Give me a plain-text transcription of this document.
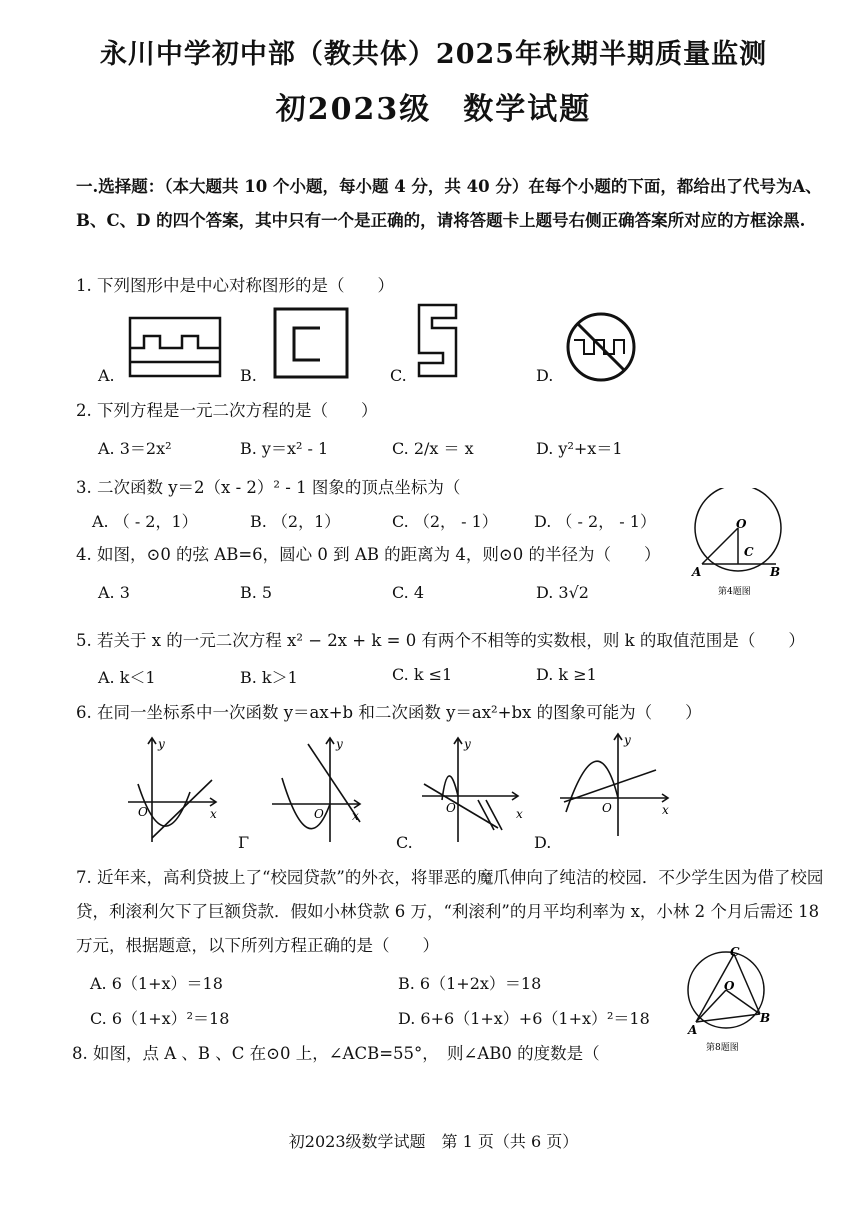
永川中学初中部（教共体）2025年秋期半期质量监测
初2023级　数学试题
一.选择题：（本大题共 10 个小题，每小题 4 分，共 40 分）在每个小题的下面，都给出了代号为A、B、C、D 的四个答案，其中只有一个是正确的，请将答题卡上题号右侧正确答案所对应的方框涂黑.
1. 下列图形中是中心对称图形的是（　　）
A.	B.	C.	D.
2. 下列方程是一元二次方程的是（　　）
A. 3＝2x²	B. y＝x² - 1	C. 2/x ＝ x	D. y²+x＝1
3. 二次函数 y＝2（x - 2）² - 1 图象的顶点坐标为（
A. （ - 2，1）	B. （2，1）	C. （2， - 1） D. （ - 2， - 1）
4. 如图，⊙0 的弦 AB=6，圆心 0 到 AB 的距离为 4，则⊙0 的半径为（　　）
A. 3	B. 5	C. 4	D. 3√2
O
C
A	B
第4题图
5. 若关于 x 的一元二次方程 x² − 2x + k = 0 有两个不相等的实数根，则 k 的取值范围是（　　）
A. k＜1	B. k＞1	C. k ≤1	D. k ≥1
6. 在同一坐标系中一次函数 y＝ax+b 和二次函数 y＝ax²+bx 的图象可能为（　　）
y
x
O
y
x
O
y
x
O
y
x
O
Γ	C.	D.
7. 近年来，高利贷披上了“校园贷款”的外衣，将罪恶的魔爪伸向了纯洁的校园．不少学生因为借了校园贷，利滚利欠下了巨额贷款．假如小林贷款 6 万，“利滚利”的月平均利率为 x，小林 2 个月后需还 18 万元，根据题意，以下所列方程正确的是（　　）
A. 6（1+x）＝18	B. 6（1+2x）＝18
C. 6（1+x）²＝18	D. 6+6（1+x）+6（1+x）²＝18
C
O
A
B
第8题图
8. 如图，点 A 、B 、C 在⊙0 上，∠ACB=55°，　则∠AB0 的度数是（
初2023级数学试题　第 1 页（共 6 页）
